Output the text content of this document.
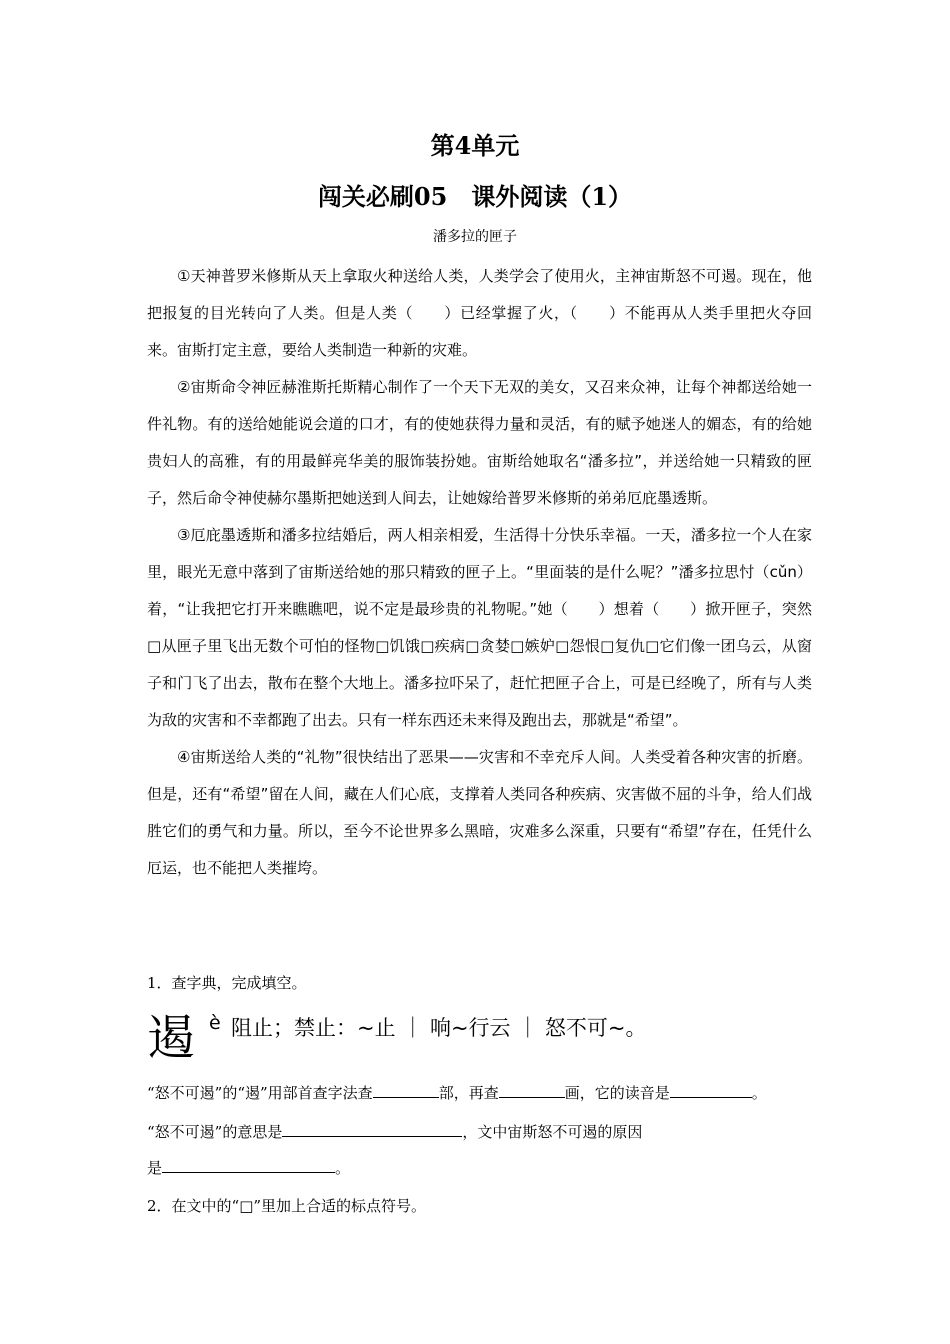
第4单元
闯关必刷05　课外阅读（1）
潘多拉的匣子

①天神普罗米修斯从天上拿取火种送给人类，人类学会了使用火，主神宙斯怒不可遏。现在，他把报复的目光转向了人类。但是人类（　　）已经掌握了火，（　　）不能再从人类手里把火夺回来。宙斯打定主意，要给人类制造一种新的灾难。

②宙斯命令神匠赫淮斯托斯精心制作了一个天下无双的美女，又召来众神，让每个神都送给她一件礼物。有的送给她能说会道的口才，有的使她获得力量和灵活，有的赋予她迷人的媚态，有的给她贵妇人的高雅，有的用最鲜亮华美的服饰装扮她。宙斯给她取名“潘多拉”，并送给她一只精致的匣子，然后命令神使赫尔墨斯把她送到人间去，让她嫁给普罗米修斯的弟弟厄庇墨透斯。

③厄庇墨透斯和潘多拉结婚后，两人相亲相爱，生活得十分快乐幸福。一天，潘多拉一个人在家里，眼光无意中落到了宙斯送给她的那只精致的匣子上。“里面装的是什么呢？”潘多拉思忖（cǔn）着，“让我把它打开来瞧瞧吧，说不定是最珍贵的礼物呢。”她（　　）想着（　　）掀开匣子，突然□从匣子里飞出无数个可怕的怪物□饥饿□疾病□贪婪□嫉妒□怨恨□复仇□它们像一团乌云，从窗子和门飞了出去，散布在整个大地上。潘多拉吓呆了，赶忙把匣子合上，可是已经晚了，所有与人类为敌的灾害和不幸都跑了出去。只有一样东西还未来得及跑出去，那就是“希望”。

④宙斯送给人类的“礼物”很快结出了恶果——灾害和不幸充斥人间。人类受着各种灾害的折磨。但是，还有“希望”留在人间，藏在人们心底，支撑着人类同各种疾病、灾害做不屈的斗争，给人们战胜它们的勇气和力量。所以，至今不论世界多么黑暗，灾难多么深重，只要有“希望”存在，任凭什么厄运，也不能把人类摧垮。

1．查字典，完成填空。
遏 è 阻止；禁止：~止 ｜ 响~行云 ｜ 怒不可~。
“怒不可遏”的“遏”用部首查字法查	部，再查	画，它的读音是	。
“怒不可遏”的意思是	，文中宙斯怒不可遏的原因
是	。
2．在文中的“□”里加上合适的标点符号。
